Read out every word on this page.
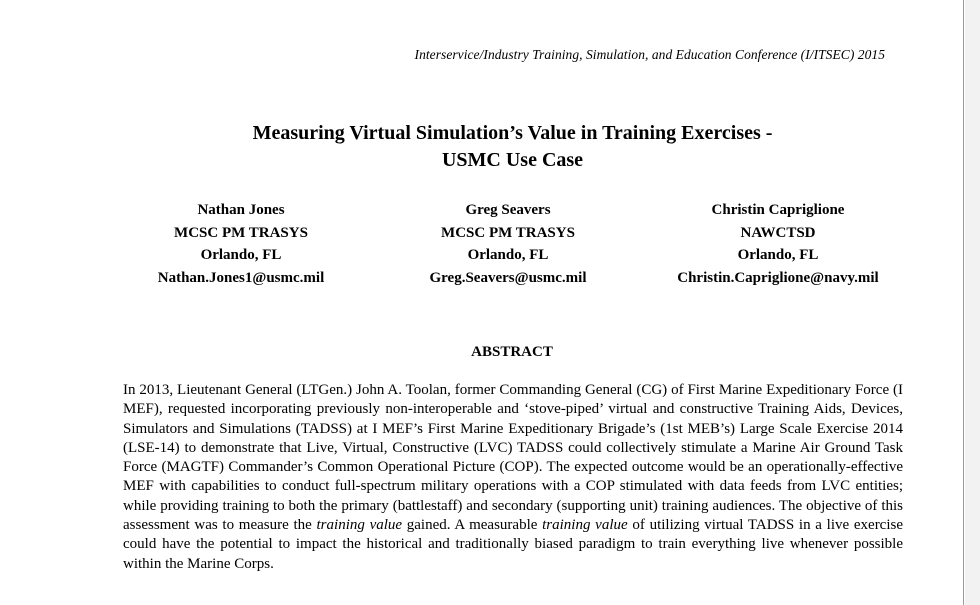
Interservice/Industry Training, Simulation, and Education Conference (I/ITSEC) 2015
Measuring Virtual Simulation’s Value in Training Exercises -
USMC Use Case
Nathan Jones
MCSC PM TRASYS
Orlando, FL
Nathan.Jones1@usmc.mil
Greg Seavers
MCSC PM TRASYS
Orlando, FL
Greg.Seavers@usmc.mil
Christin Capriglione
NAWCTSD
Orlando, FL
Christin.Capriglione@navy.mil
ABSTRACT
In 2013, Lieutenant General (LTGen.) John A. Toolan, former Commanding General (CG) of First Marine Expeditionary Force (I MEF), requested incorporating previously non-interoperable and ‘stove-piped’ virtual and constructive Training Aids, Devices, Simulators and Simulations (TADSS) at I MEF’s First Marine Expeditionary Brigade’s (1st MEB’s) Large Scale Exercise 2014 (LSE-14) to demonstrate that Live, Virtual, Constructive (LVC) TADSS could collectively stimulate a Marine Air Ground Task Force (MAGTF) Commander’s Common Operational Picture (COP). The expected outcome would be an operationally-effective MEF with capabilities to conduct full-spectrum military operations with a COP stimulated with data feeds from LVC entities; while providing training to both the primary (battlestaff) and secondary (supporting unit) training audiences. The objective of this assessment was to measure the training value gained. A measurable training value of utilizing virtual TADSS in a live exercise could have the potential to impact the historical and traditionally biased paradigm to train everything live whenever possible within the Marine Corps.
